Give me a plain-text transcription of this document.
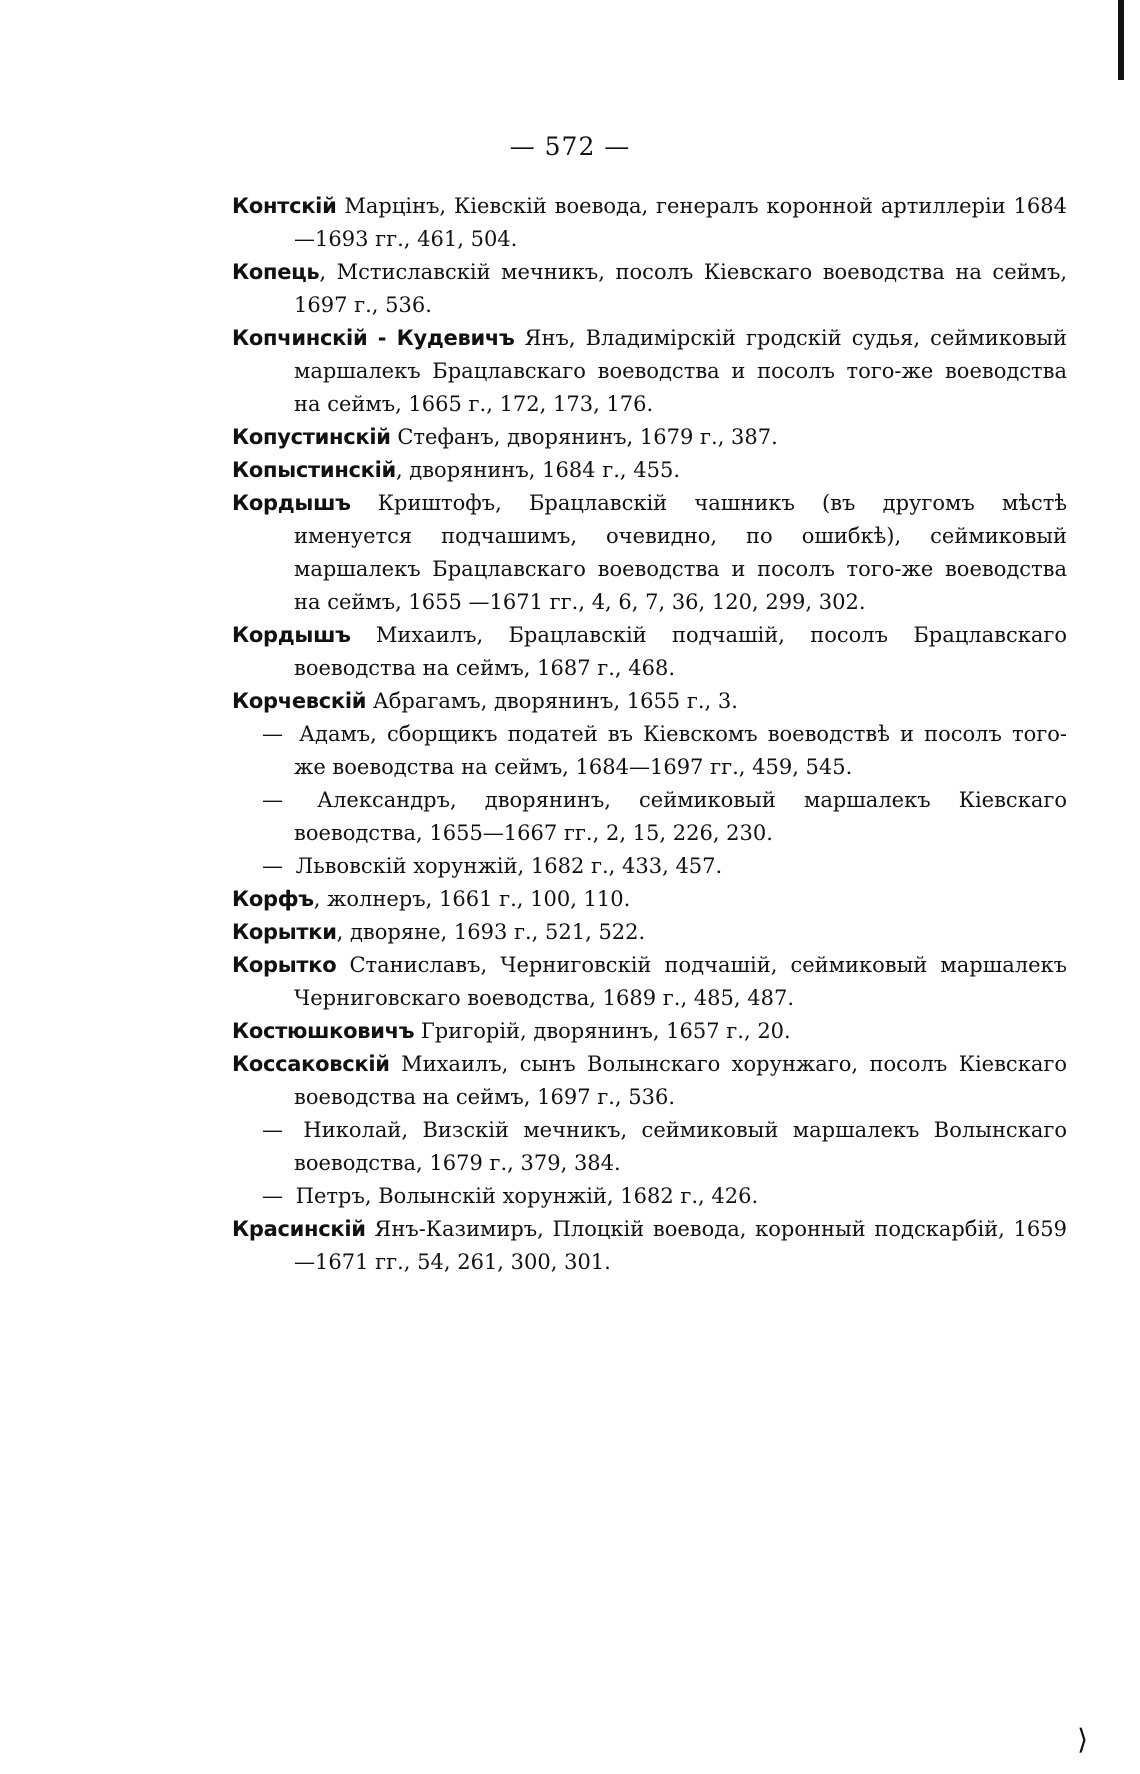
— 572 —

Контскій Марцінъ, Кіевскій воевода, генералъ коронной артиллеріи 1684—1693 гг., 461, 504.

Копець, Мстиславскій мечникъ, посолъ Кіевскаго воеводства на сеймъ, 1697 г., 536.

Копчинскій - Кудевичъ Янъ, Владимірскій гродскій судья, сеймиковый маршалекъ Брацлавскаго воеводства и посолъ того-же воеводства на сеймъ, 1665 г., 172, 173, 176.

Копустинскій Стефанъ, дворянинъ, 1679 г., 387.

Копыстинскій, дворянинъ, 1684 г., 455.

Кордышъ Криштофъ, Брацлавскій чашникъ (въ другомъ мѣстѣ именуется подчашимъ, очевидно, по ошибкѣ), сеймиковый маршалекъ Брацлавскаго воеводства и посолъ того-же воеводства на сеймъ, 1655 —1671 гг., 4, 6, 7, 36, 120, 299, 302.

Кордышъ Михаилъ, Брацлавскій подчашій, посолъ Брацлавскаго воеводства на сеймъ, 1687 г., 468.

Корчевскій Абрагамъ, дворянинъ, 1655 г., 3.

— Адамъ, сборщикъ податей въ Кіевскомъ воеводствѣ и посолъ того-же воеводства на сеймъ, 1684—1697 гг., 459, 545.

— Александръ, дворянинъ, сеймиковый маршалекъ Кіевскаго воеводства, 1655—1667 гг., 2, 15, 226, 230.

— Львовскій хорунжій, 1682 г., 433, 457.

Корфъ, жолнеръ, 1661 г., 100, 110.

Корытки, дворяне, 1693 г., 521, 522.

Корытко Станиславъ, Черниговскій подчашій, сеймиковый маршалекъ Черниговскаго воеводства, 1689 г., 485, 487.

Костюшковичъ Григорій, дворянинъ, 1657 г., 20.

Коссаковскій Михаилъ, сынъ Волынскаго хорунжаго, посолъ Кіевскаго воеводства на сеймъ, 1697 г., 536.

— Николай, Визскій мечникъ, сеймиковый маршалекъ Волынскаго воеводства, 1679 г., 379, 384.

— Петръ, Волынскій хорунжій, 1682 г., 426.

Красинскій Янъ-Казимиръ, Плоцкій воевода, коронный подскарбій, 1659—1671 гг., 54, 261, 300, 301.

⟩
